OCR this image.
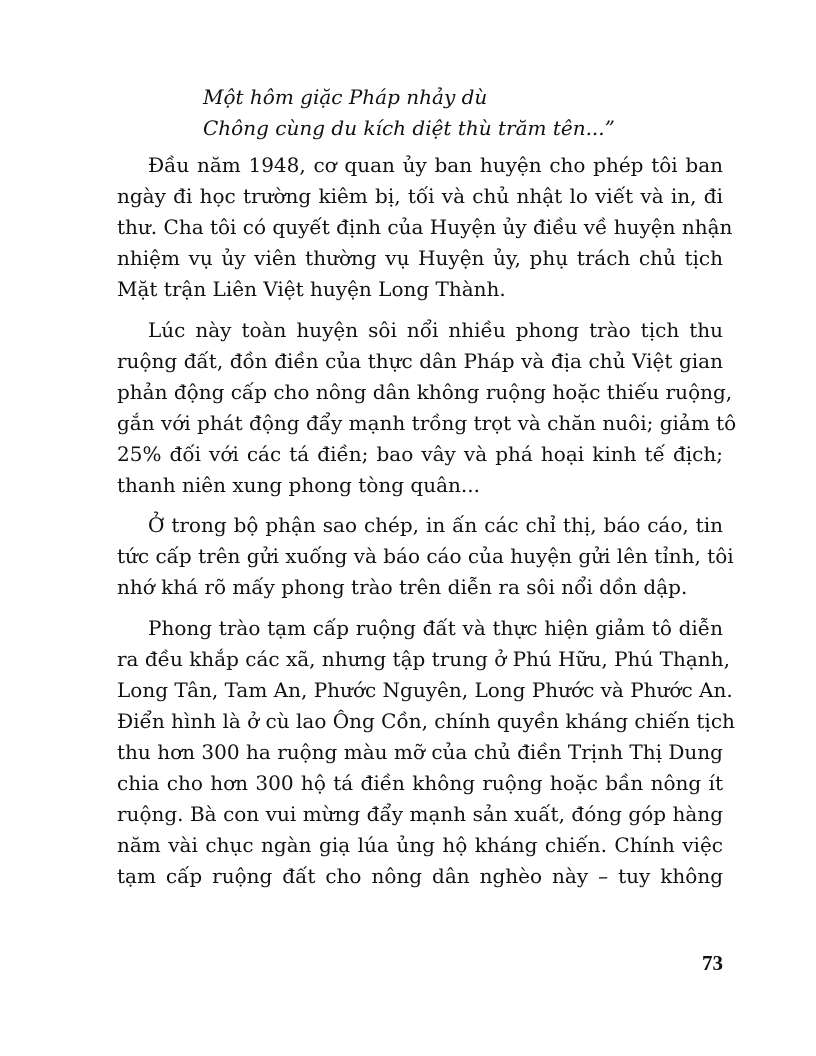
Một hôm giặc Pháp nhảy dù
Chông cùng du kích diệt thù trăm tên...”
Đầu năm 1948, cơ quan ủy ban huyện cho phép tôi ban
ngày đi học trường kiêm bị, tối và chủ nhật lo viết và in, đi
thư. Cha tôi có quyết định của Huyện ủy điều về huyện nhận
nhiệm vụ ủy viên thường vụ Huyện ủy, phụ trách chủ tịch
Mặt trận Liên Việt huyện Long Thành.
Lúc này toàn huyện sôi nổi nhiều phong trào tịch thu
ruộng đất, đồn điền của thực dân Pháp và địa chủ Việt gian
phản động cấp cho nông dân không ruộng hoặc thiếu ruộng,
gắn với phát động đẩy mạnh trồng trọt và chăn nuôi; giảm tô
25% đối với các tá điền; bao vây và phá hoại kinh tế địch;
thanh niên xung phong tòng quân...
Ở trong bộ phận sao chép, in ấn các chỉ thị, báo cáo, tin
tức cấp trên gửi xuống và báo cáo của huyện gửi lên tỉnh, tôi
nhớ khá rõ mấy phong trào trên diễn ra sôi nổi dồn dập.
Phong trào tạm cấp ruộng đất và thực hiện giảm tô diễn
ra đều khắp các xã, nhưng tập trung ở Phú Hữu, Phú Thạnh,
Long Tân, Tam An, Phước Nguyên, Long Phước và Phước An.
Điển hình là ở cù lao Ông Cồn, chính quyền kháng chiến tịch
thu hơn 300 ha ruộng màu mỡ của chủ điền Trịnh Thị Dung
chia cho hơn 300 hộ tá điền không ruộng hoặc bần nông ít
ruộng. Bà con vui mừng đẩy mạnh sản xuất, đóng góp hàng
năm vài chục ngàn giạ lúa ủng hộ kháng chiến. Chính việc
tạm cấp ruộng đất cho nông dân nghèo này – tuy không
73
